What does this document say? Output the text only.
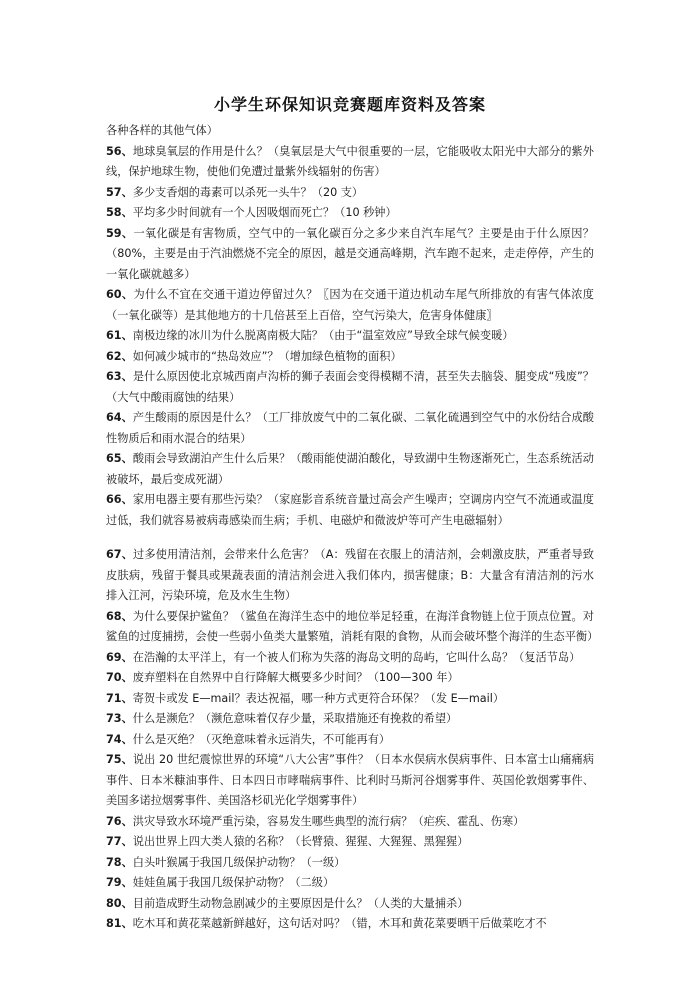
小学生环保知识竞赛题库资料及答案

各种各样的其他气体）

56、地球臭氧层的作用是什么？（臭氧层是大气中很重要的一层，它能吸收太阳光中大部分的紫外线，保护地球生物，使他们免遭过量紫外线辐射的伤害）

57、多少支香烟的毒素可以杀死一头牛？（20 支）

58、平均多少时间就有一个人因吸烟而死亡？（10 秒钟）

59、一氧化碳是有害物质，空气中的一氧化碳百分之多少来自汽车尾气？主要是由于什么原因？（80%，主要是由于汽油燃烧不完全的原因，越是交通高峰期，汽车跑不起来，走走停停，产生的一氧化碳就越多）

60、为什么不宜在交通干道边停留过久？〖因为在交通干道边机动车尾气所排放的有害气体浓度（一氧化碳等）是其他地方的十几倍甚至上百倍，空气污染大，危害身体健康〗

61、南极边缘的冰川为什么脱离南极大陆？（由于“温室效应”导致全球气候变暖）

62、如何减少城市的“热岛效应”？（增加绿色植物的面积）

63、是什么原因使北京城西南卢沟桥的狮子表面会变得模糊不清，甚至失去脑袋、腿变成“残废”？（大气中酸雨腐蚀的结果）

64、产生酸雨的原因是什么？（工厂排放废气中的二氧化碳、二氧化硫遇到空气中的水份结合成酸性物质后和雨水混合的结果）

65、酸雨会导致湖泊产生什么后果？（酸雨能使湖泊酸化，导致湖中生物逐渐死亡，生态系统活动被破坏，最后变成死湖）

66、家用电器主要有那些污染？（家庭影音系统音量过高会产生噪声；空调房内空气不流通或温度过低，我们就容易被病毒感染而生病；手机、电磁炉和微波炉等可产生电磁辐射）

67、过多使用清洁剂，会带来什么危害？（A：残留在衣服上的清洁剂，会刺激皮肤，严重者导致皮肤病，残留于餐具或果蔬表面的清洁剂会进入我们体内，损害健康；B：大量含有清洁剂的污水排入江河，污染环境，危及水生生物）

68、为什么要保护鲨鱼？（鲨鱼在海洋生态中的地位举足轻重，在海洋食物链上位于顶点位置。对鲨鱼的过度捕捞，会使一些弱小鱼类大量繁殖，消耗有限的食物，从而会破坏整个海洋的生态平衡）

69、在浩瀚的太平洋上，有一个被人们称为失落的海岛文明的岛屿，它叫什么岛？（复活节岛）

70、废弃塑料在自然界中自行降解大概要多少时间？（100—300 年）

71、寄贺卡或发 E—mail？表达祝福，哪一种方式更符合环保？（发 E—mail）

73、什么是濒危？（濒危意味着仅存少量，采取措施还有挽救的希望）

74、什么是灭绝？（灭绝意味着永远消失，不可能再有）

75、说出 20 世纪震惊世界的环境“八大公害”事件？（日本水俣病水俣病事件、日本富士山痛痛病事件、日本米糠油事件、日本四日市哮喘病事件、比利时马斯河谷烟雾事件、英国伦敦烟雾事件、美国多诺拉烟雾事件、美国洛杉矶光化学烟雾事件）

76、洪灾导致水环境严重污染，容易发生哪些典型的流行病？（疟疾、霍乱、伤寒）

77、说出世界上四大类人猿的名称？（长臂猿、猩猩、大猩猩、黑猩猩）

78、白头叶猴属于我国几级保护动物？（一级）

79、娃娃鱼属于我国几级保护动物？（二级）

80、目前造成野生动物急剧减少的主要原因是什么？（人类的大量捕杀）

81、吃木耳和黄花菜越新鲜越好，这句话对吗？（错，木耳和黄花菜要晒干后做菜吃才不
